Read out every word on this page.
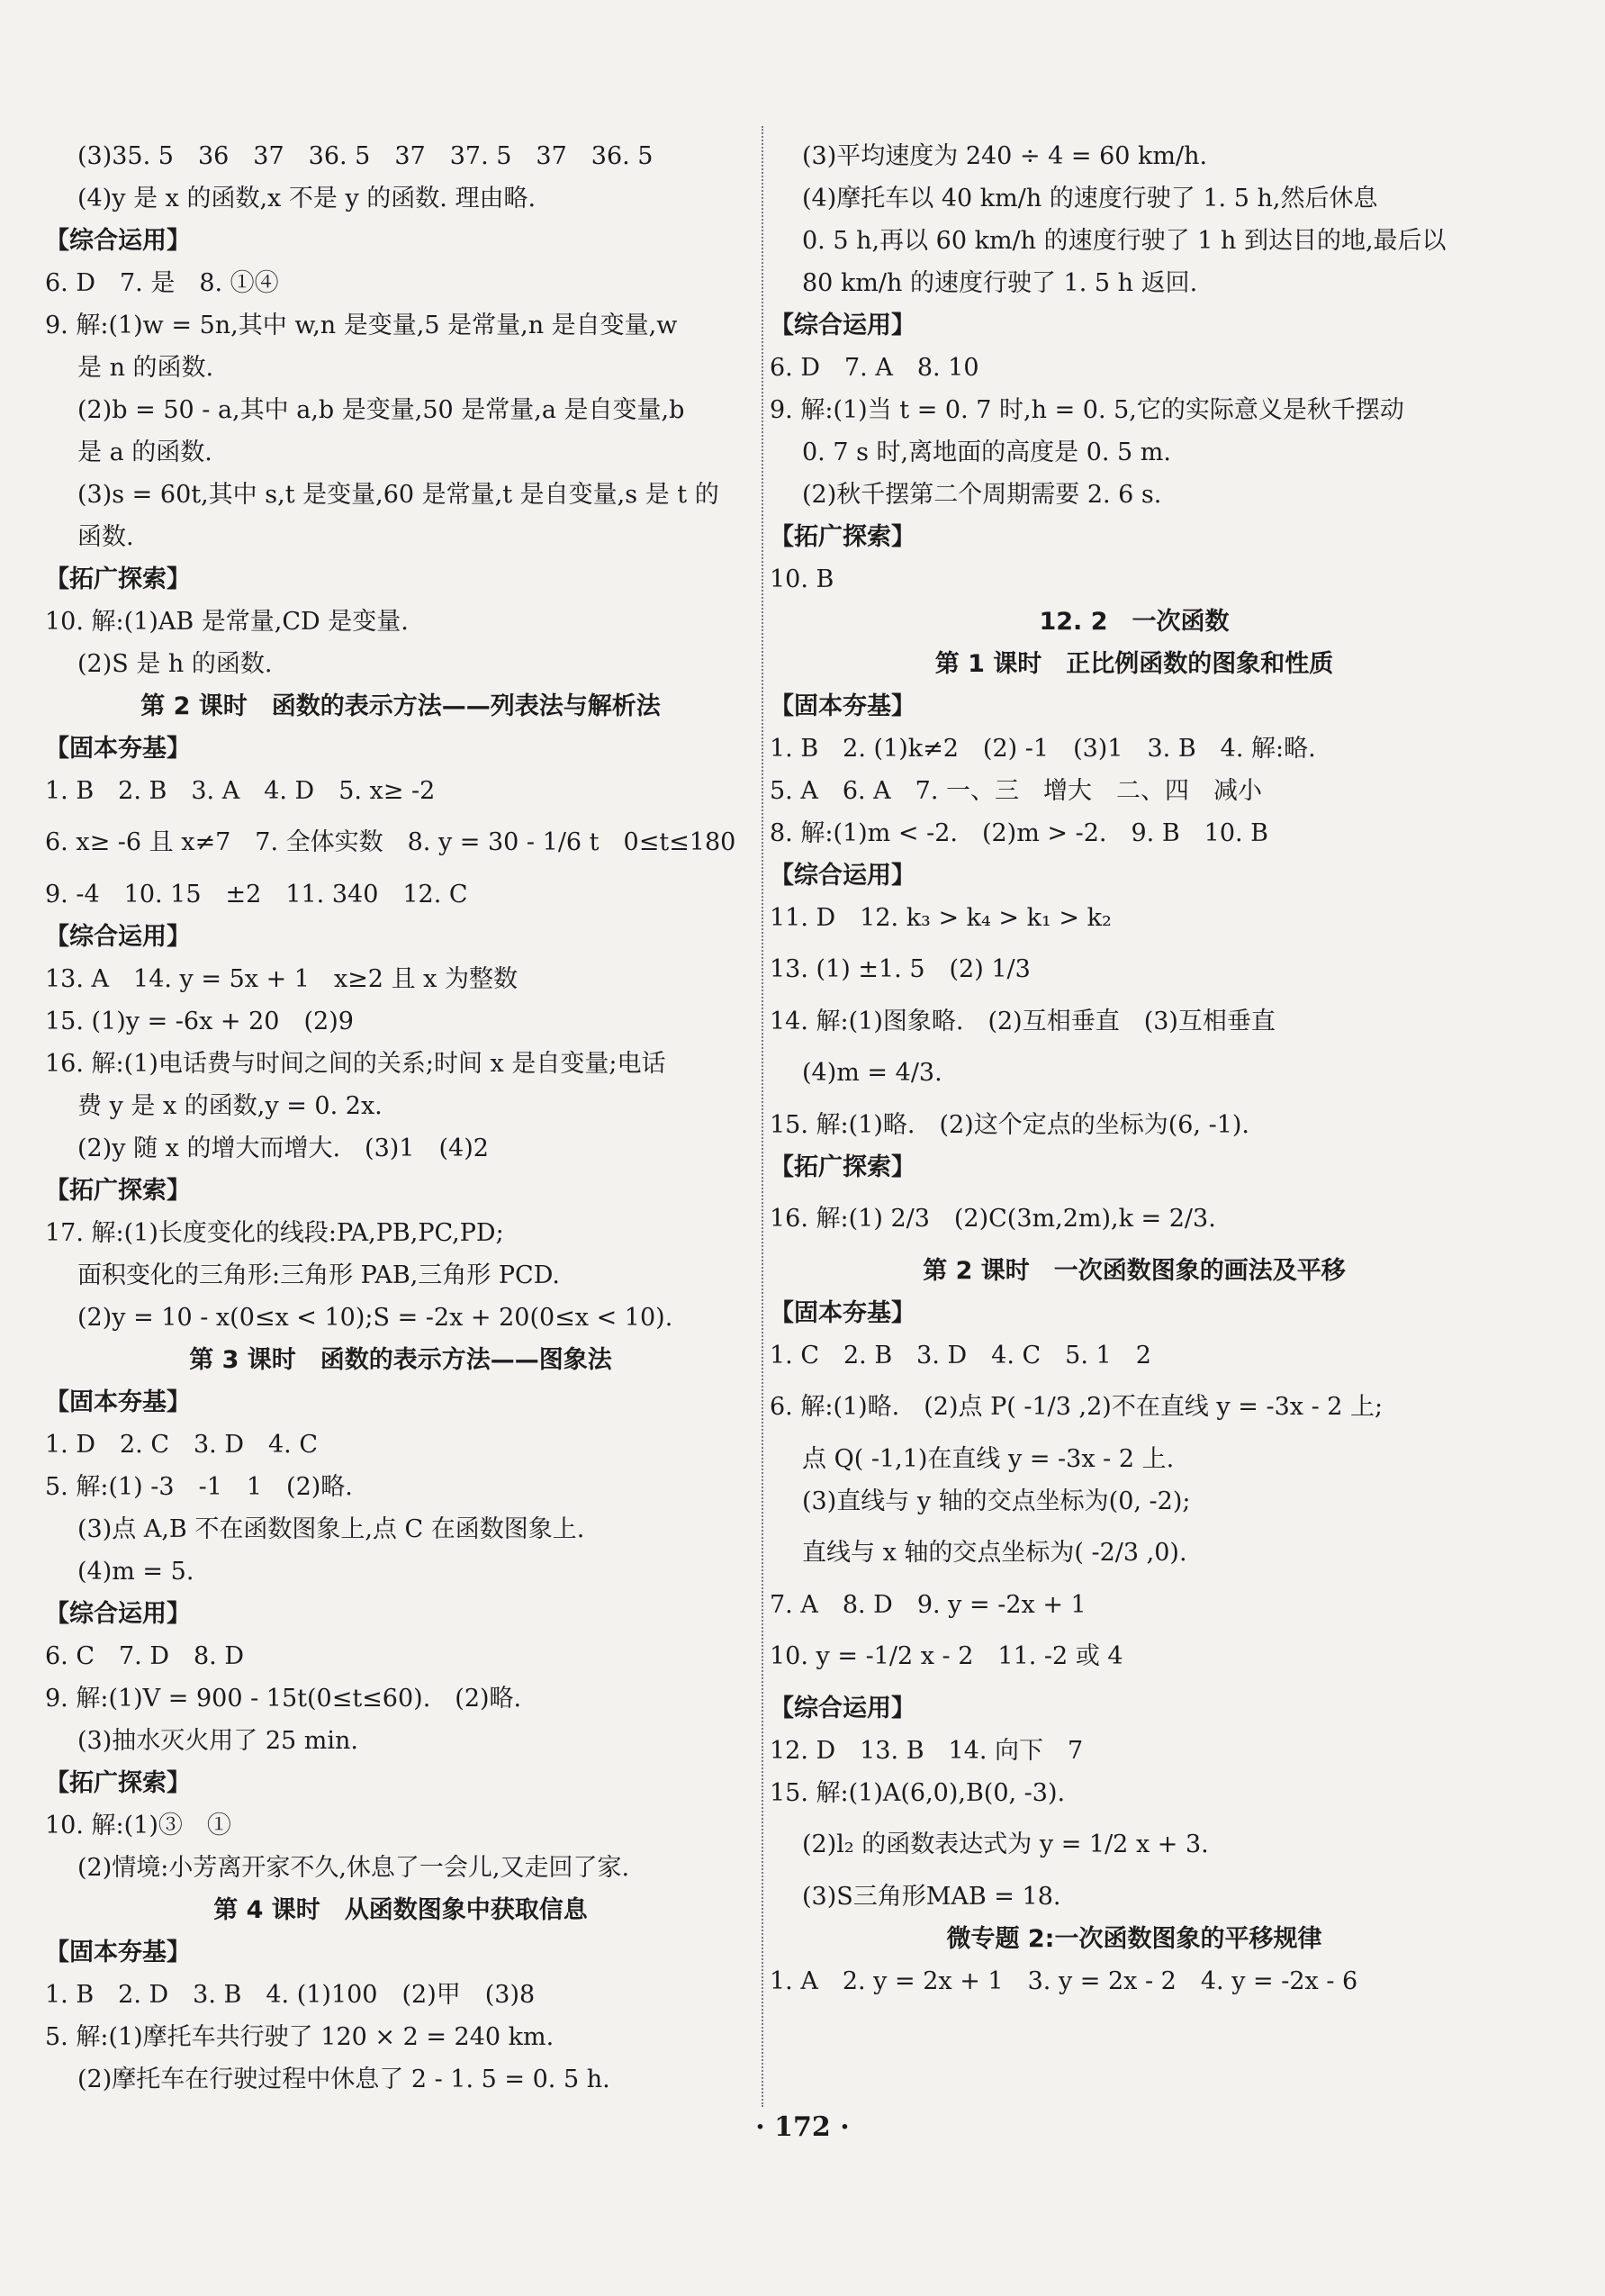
(3)35. 5　36　37　36. 5　37　37. 5　37　36. 5
(4)y 是 x 的函数,x 不是 y 的函数. 理由略.
【综合运用】
6. D　7. 是　8. ①④
9. 解:(1)w = 5n,其中 w,n 是变量,5 是常量,n 是自变量,w
是 n 的函数.
(2)b = 50 - a,其中 a,b 是变量,50 是常量,a 是自变量,b
是 a 的函数.
(3)s = 60t,其中 s,t 是变量,60 是常量,t 是自变量,s 是 t 的
函数.
【拓广探索】
10. 解:(1)AB 是常量,CD 是变量.
(2)S 是 h 的函数.
第 2 课时　函数的表示方法——列表法与解析法
【固本夯基】
1. B　2. B　3. A　4. D　5. x≥ -2
6. x≥ -6 且 x≠7　7. 全体实数　8. y = 30 - 1/6 t　0≤t≤180
9. -4　10. 15　±2　11. 340　12. C
【综合运用】
13. A　14. y = 5x + 1　x≥2 且 x 为整数
15. (1)y = -6x + 20　(2)9
16. 解:(1)电话费与时间之间的关系;时间 x 是自变量;电话
费 y 是 x 的函数,y = 0. 2x.
(2)y 随 x 的增大而增大.　(3)1　(4)2
【拓广探索】
17. 解:(1)长度变化的线段:PA,PB,PC,PD;
面积变化的三角形:三角形 PAB,三角形 PCD.
(2)y = 10 - x(0≤x < 10);S = -2x + 20(0≤x < 10).
第 3 课时　函数的表示方法——图象法
【固本夯基】
1. D　2. C　3. D　4. C
5. 解:(1) -3　-1　1　(2)略.
(3)点 A,B 不在函数图象上,点 C 在函数图象上.
(4)m = 5.
【综合运用】
6. C　7. D　8. D
9. 解:(1)V = 900 - 15t(0≤t≤60).　(2)略.
(3)抽水灭火用了 25 min.
【拓广探索】
10. 解:(1)③　①
(2)情境:小芳离开家不久,休息了一会儿,又走回了家.
第 4 课时　从函数图象中获取信息
【固本夯基】
1. B　2. D　3. B　4. (1)100　(2)甲　(3)8
5. 解:(1)摩托车共行驶了 120 × 2 = 240 km.
(2)摩托车在行驶过程中休息了 2 - 1. 5 = 0. 5 h.
(3)平均速度为 240 ÷ 4 = 60 km/h.
(4)摩托车以 40 km/h 的速度行驶了 1. 5 h,然后休息
0. 5 h,再以 60 km/h 的速度行驶了 1 h 到达目的地,最后以
80 km/h 的速度行驶了 1. 5 h 返回.
【综合运用】
6. D　7. A　8. 10
9. 解:(1)当 t = 0. 7 时,h = 0. 5,它的实际意义是秋千摆动
0. 7 s 时,离地面的高度是 0. 5 m.
(2)秋千摆第二个周期需要 2. 6 s.
【拓广探索】
10. B
12. 2　一次函数
第 1 课时　正比例函数的图象和性质
【固本夯基】
1. B　2. (1)k≠2　(2) -1　(3)1　3. B　4. 解:略.
5. A　6. A　7. 一、三　增大　二、四　减小
8. 解:(1)m < -2.　(2)m > -2.　9. B　10. B
【综合运用】
11. D　12. k₃ > k₄ > k₁ > k₂
13. (1) ±1. 5　(2) 1/3
14. 解:(1)图象略.　(2)互相垂直　(3)互相垂直
(4)m = 4/3.
15. 解:(1)略.　(2)这个定点的坐标为(6, -1).
【拓广探索】
16. 解:(1) 2/3　(2)C(3m,2m),k = 2/3.
第 2 课时　一次函数图象的画法及平移
【固本夯基】
1. C　2. B　3. D　4. C　5. 1　2
6. 解:(1)略.　(2)点 P( -1/3 ,2)不在直线 y = -3x - 2 上;
点 Q( -1,1)在直线 y = -3x - 2 上.
(3)直线与 y 轴的交点坐标为(0, -2);
直线与 x 轴的交点坐标为( -2/3 ,0).
7. A　8. D　9. y = -2x + 1
10. y = -1/2 x - 2　11. -2 或 4
【综合运用】
12. D　13. B　14. 向下　7
15. 解:(1)A(6,0),B(0, -3).
(2)l₂ 的函数表达式为 y = 1/2 x + 3.
(3)S三角形MAB = 18.
微专题 2:一次函数图象的平移规律
1. A　2. y = 2x + 1　3. y = 2x - 2　4. y = -2x - 6
· 172 ·
